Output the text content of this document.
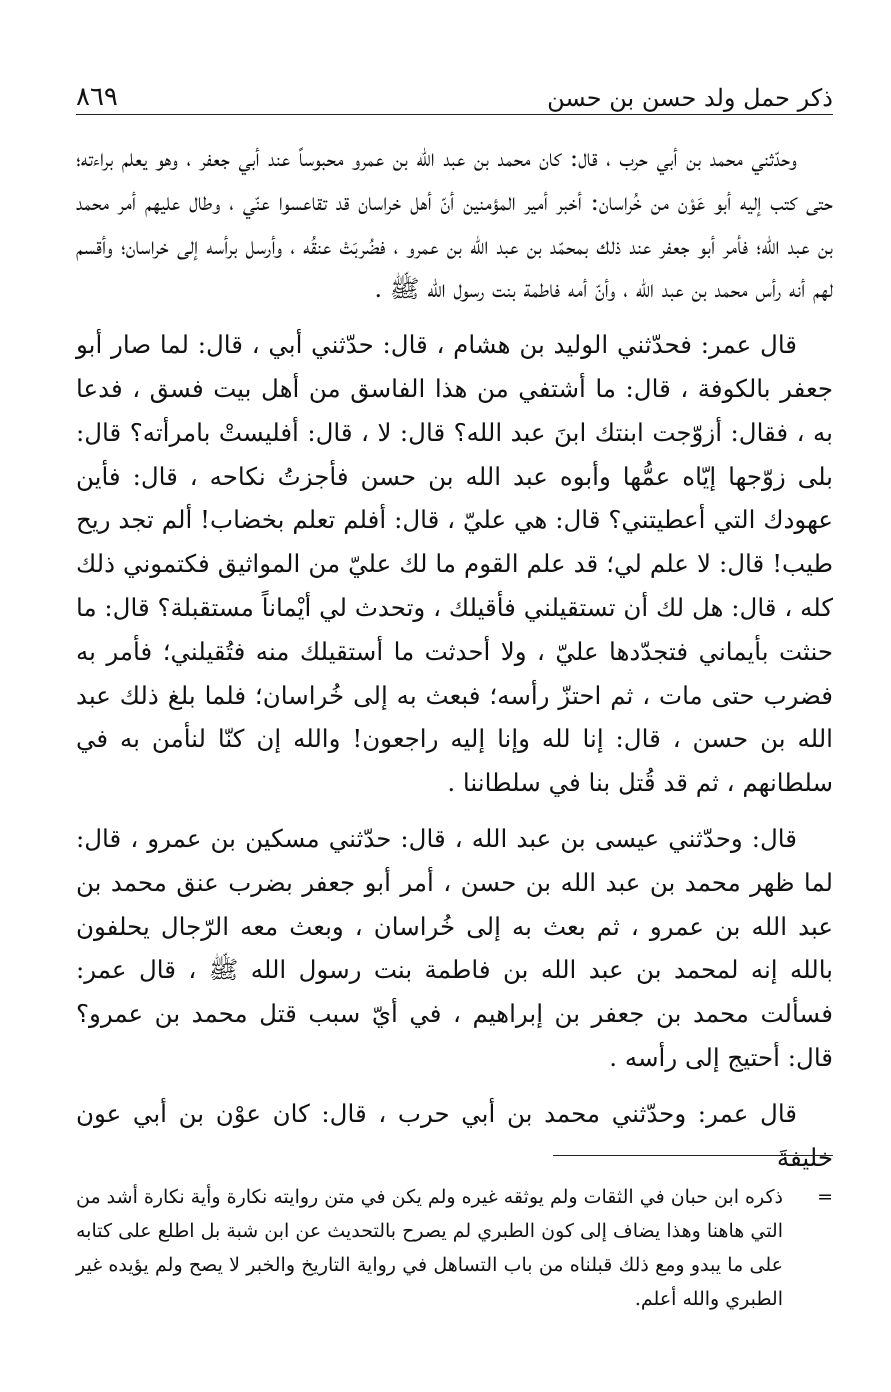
ذكر حمل ولد حسن بن حسن
٨٦٩

وحدّثني محمد بن أبي حرب ، قال: كان محمد بن عبد الله بن عمرو محبوساً عند أبي جعفر ، وهو يعلم براءته؛ حتى كتب إليه أبو عَوْن من خُراسان: أخبر أمير المؤمنين أنّ أهل خراسان قد تقاعسوا عنّي ، وطال عليهم أمر محمد بن عبد الله؛ فأمر أبو جعفر عند ذلك بمحمّد بن عبد الله بن عمرو ، فضُربَتْ عنقُه ، وأرسل برأسه إلى خراسان؛ وأقسم لهم أنه رأس محمد بن عبد الله ، وأنّ أمه فاطمة بنت رسول الله ﷺ .

قال عمر: فحدّثني الوليد بن هشام ، قال: حدّثني أبي ، قال: لما صار أبو جعفر بالكوفة ، قال: ما أشتفي من هذا الفاسق من أهل بيت فسق ، فدعا به ، فقال: أزوّجت ابنتك ابنَ عبد الله؟ قال: لا ، قال: أفليستْ بامرأته؟ قال: بلى زوّجها إيّاه عمُّها وأبوه عبد الله بن حسن فأجزتُ نكاحه ، قال: فأين عهودك التي أعطيتني؟ قال: هي عليّ ، قال: أفلم تعلم بخضاب! ألم تجد ريح طيب! قال: لا علم لي؛ قد علم القوم ما لك عليّ من المواثيق فكتموني ذلك كله ، قال: هل لك أن تستقيلني فأقيلك ، وتحدث لي أيْماناً مستقبلة؟ قال: ما حنثت بأيماني فتجدّدها عليّ ، ولا أحدثت ما أستقيلك منه فتُقيلني؛ فأمر به فضرب حتى مات ، ثم احتزّ رأسه؛ فبعث به إلى خُراسان؛ فلما بلغ ذلك عبد الله بن حسن ، قال: إنا لله وإنا إليه راجعون! والله إن كنّا لنأمن به في سلطانهم ، ثم قد قُتل بنا في سلطاننا .

قال: وحدّثني عيسى بن عبد الله ، قال: حدّثني مسكين بن عمرو ، قال: لما ظهر محمد بن عبد الله بن حسن ، أمر أبو جعفر بضرب عنق محمد بن عبد الله بن عمرو ، ثم بعث به إلى خُراسان ، وبعث معه الرّجال يحلفون بالله إنه لمحمد بن عبد الله بن فاطمة بنت رسول الله ﷺ ، قال عمر: فسألت محمد بن جعفر بن إبراهيم ، في أيّ سبب قتل محمد بن عمرو؟ قال: أحتيج إلى رأسه .

قال عمر: وحدّثني محمد بن أبي حرب ، قال: كان عوْن بن أبي عون خليفةَ

=
ذكره ابن حبان في الثقات ولم يوثقه غيره ولم يكن في متن روايته نكارة وأية نكارة أشد من التي هاهنا وهذا يضاف إلى كون الطبري لم يصرح بالتحديث عن ابن شبة بل اطلع على كتابه على ما يبدو ومع ذلك قبلناه من باب التساهل في رواية التاريخ والخبر لا يصح ولم يؤيده غير الطبري والله أعلم.
